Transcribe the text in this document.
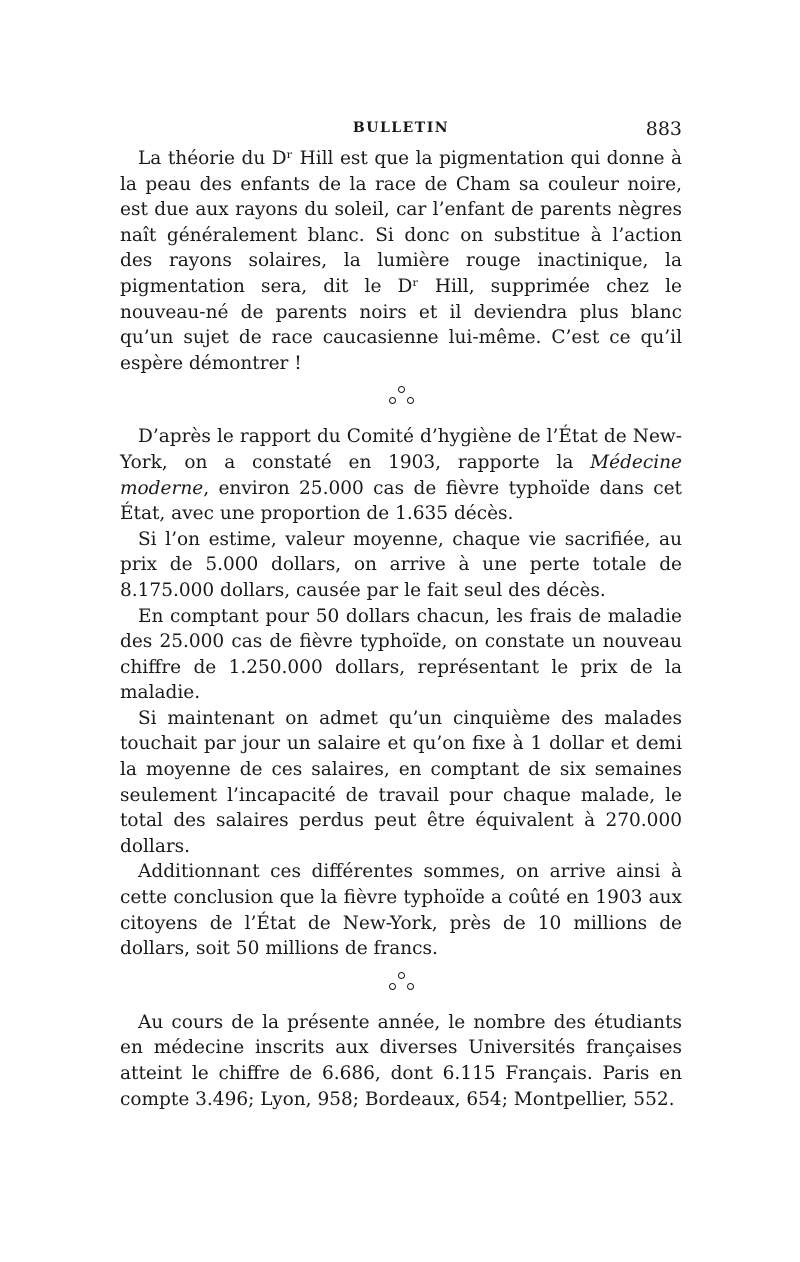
BULLETIN	883

La théorie du Dʳ Hill est que la pigmentation qui donne à la peau des enfants de la race de Cham sa couleur noire, est due aux rayons du soleil, car l’enfant de parents nègres naît généralement blanc. Si donc on substitue à l’action des rayons solaires, la lumière rouge inactinique, la pigmentation sera, dit le Dʳ Hill, supprimée chez le nouveau-né de parents noirs et il deviendra plus blanc qu’un sujet de race caucasienne lui-même. C’est ce qu’il espère démontrer !

D’après le rapport du Comité d’hygiène de l’État de New-York, on a constaté en 1903, rapporte la Médecine moderne, environ 25.000 cas de fièvre typhoïde dans cet État, avec une proportion de 1.635 décès.

Si l’on estime, valeur moyenne, chaque vie sacrifiée, au prix de 5.000 dollars, on arrive à une perte totale de 8.175.000 dollars, causée par le fait seul des décès.

En comptant pour 50 dollars chacun, les frais de maladie des 25.000 cas de fièvre typhoïde, on constate un nouveau chiffre de 1.250.000 dollars, représentant le prix de la maladie.

Si maintenant on admet qu’un cinquième des malades touchait par jour un salaire et qu’on fixe à 1 dollar et demi la moyenne de ces salaires, en comptant de six semaines seulement l’incapacité de travail pour chaque malade, le total des salaires perdus peut être équivalent à 270.000 dollars.

Additionnant ces différentes sommes, on arrive ainsi à cette conclusion que la fièvre typhoïde a coûté en 1903 aux citoyens de l’État de New-York, près de 10 millions de dollars, soit 50 millions de francs.

Au cours de la présente année, le nombre des étudiants en médecine inscrits aux diverses Universités françaises atteint le chiffre de 6.686, dont 6.115 Français. Paris en compte 3.496; Lyon, 958; Bordeaux, 654; Montpellier, 552.
